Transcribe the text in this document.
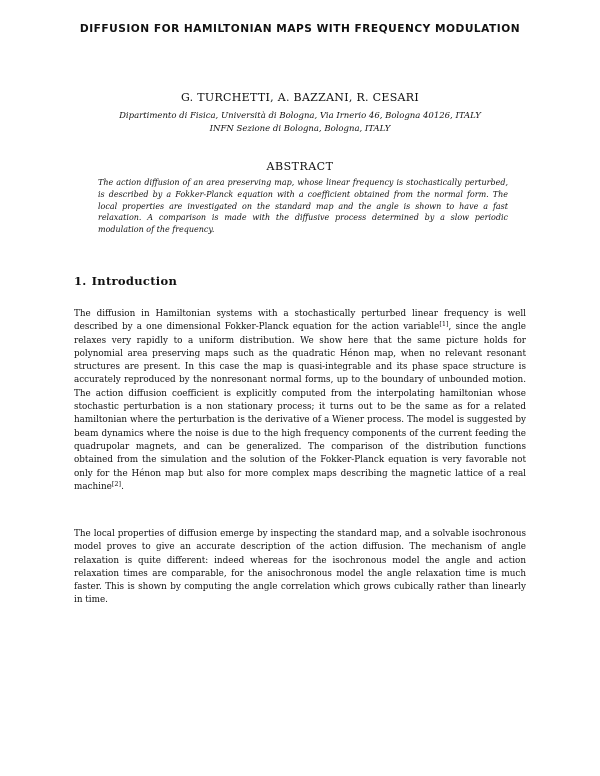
DIFFUSION FOR HAMILTONIAN MAPS WITH FREQUENCY MODULATION
G. TURCHETTI, A. BAZZANI, R. CESARI
Dipartimento di Fisica, Università di Bologna, Via Irnerio 46, Bologna 40126, ITALY
INFN Sezione di Bologna, Bologna, ITALY
ABSTRACT
The action diffusion of an area preserving map, whose linear frequency is stochastically perturbed, is described by a Fokker-Planck equation with a coefficient obtained from the normal form. The local properties are investigated on the standard map and the angle is shown to have a fast relaxation. A comparison is made with the diffusive process determined by a slow periodic modulation of the frequency.
1. Introduction

The diffusion in Hamiltonian systems with a stochastically perturbed linear frequency is well described by a one dimensional Fokker-Planck equation for the action variable[1], since the angle relaxes very rapidly to a uniform distribution. We show here that the same picture holds for polynomial area preserving maps such as the quadratic Hénon map, when no relevant resonant structures are present. In this case the map is quasi-integrable and its phase space structure is accurately reproduced by the nonresonant normal forms, up to the boundary of unbounded motion. The action diffusion coefficient is explicitly computed from the interpolating hamiltonian whose stochastic perturbation is a non stationary process; it turns out to be the same as for a related hamiltonian where the perturbation is the derivative of a Wiener process. The model is suggested by beam dynamics where the noise is due to the high frequency components of the current feeding the quadrupolar magnets, and can be generalized. The comparison of the distribution functions obtained from the simulation and the solution of the Fokker-Planck equation is very favorable not only for the Hénon map but also for more complex maps describing the magnetic lattice of a real machine[2].

The local properties of diffusion emerge by inspecting the standard map, and a solvable isochronous model proves to give an accurate description of the action diffusion. The mechanism of angle relaxation is quite different: indeed whereas for the isochronous model the angle and action relaxation times are comparable, for the anisochronous model the angle relaxation time is much faster. This is shown by computing the angle correlation which grows cubically rather than linearly in time.
